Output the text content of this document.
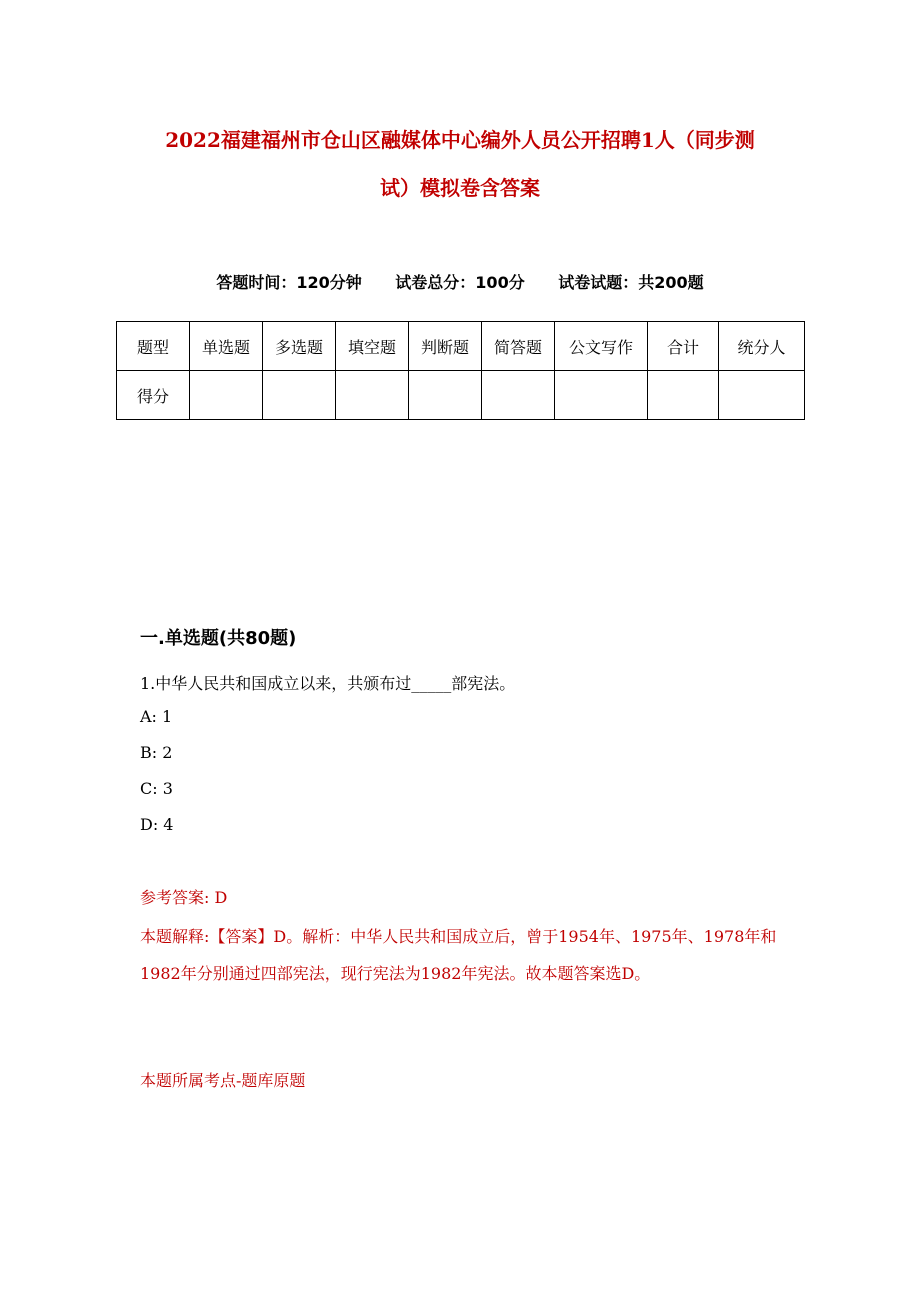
2022福建福州市仓山区融媒体中心编外人员公开招聘1人（同步测
试）模拟卷含答案
答题时间：120分钟 试卷总分：100分 试卷试题：共200题
题型	单选题	多选题	填空题	判断题	简答题	公文写作	合计	统分人
得分								
一.单选题(共80题)
1.中华人民共和国成立以来，共颁布过_____部宪法。
A: 1
B: 2
C: 3
D: 4
参考答案: D
本题解释:【答案】D。解析：中华人民共和国成立后，曾于1954年、1975年、1978年和1982年分别通过四部宪法，现行宪法为1982年宪法。故本题答案选D。
本题所属考点-题库原题
